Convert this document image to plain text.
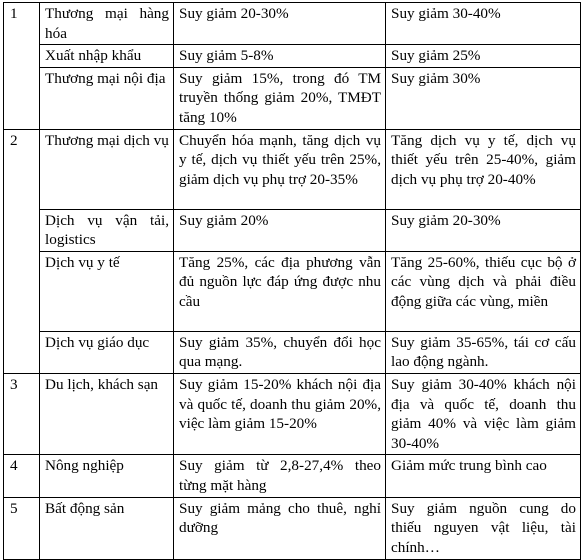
1	Thương mại hàng hóa	Suy giảm 20-30%	Suy giảm 30-40%
	Xuất nhập khẩu	Suy giảm 5-8%	Suy giảm 25%
	Thương mại nội địa	Suy giảm 15%, trong đó TM truyền thống giảm 20%, TMĐT tăng 10%	Suy giảm 30%
2	Thương mại dịch vụ	Chuyển hóa mạnh, tăng dịch vụ y tế, dịch vụ thiết yếu trên 25%, giảm dịch vụ phụ trợ 20-35%	Tăng dịch vụ y tế, dịch vụ thiết yếu trên 25-40%, giảm dịch vụ phụ trợ 20-40%
	Dịch vụ vận tải, logistics	Suy giảm 20%	Suy giảm 20-30%
	Dịch vụ y tế	Tăng 25%, các địa phương vẫn đủ nguồn lực đáp ứng được nhu cầu	Tăng 25-60%, thiếu cục bộ ở các vùng dịch và phải điều động giữa các vùng, miền
	Dịch vụ giáo dục	Suy giảm 35%, chuyển đổi học qua mạng.	Suy giảm 35-65%, tái cơ cấu lao động ngành.
3	Du lịch, khách sạn	Suy giảm 15-20% khách nội địa và quốc tế, doanh thu giảm 20%, việc làm giảm 15-20%	Suy giảm 30-40% khách nội địa và quốc tế, doanh thu giảm 40% và việc làm giảm 30-40%
4	Nông nghiệp	Suy giảm từ 2,8-27,4% theo từng mặt hàng	Giảm mức trung bình cao
5	Bất động sản	Suy giảm mảng cho thuê, nghỉ dưỡng	Suy giảm nguồn cung do thiếu nguyen vật liệu, tài chính…
